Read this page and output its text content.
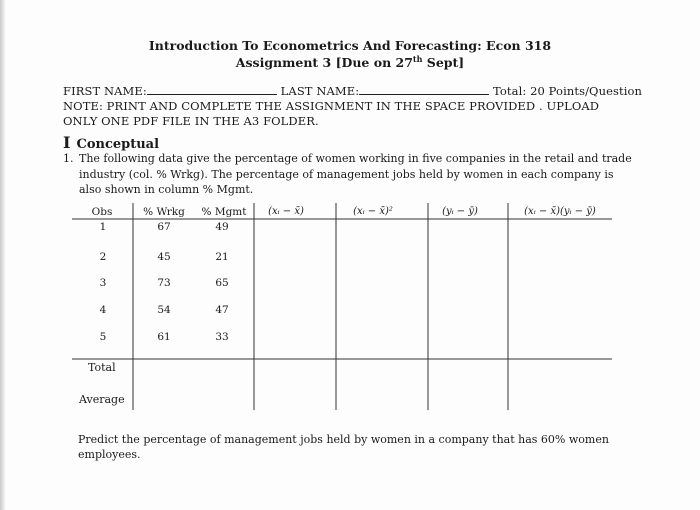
Introduction To Econometrics And Forecasting: Econ 318
Assignment 3 [Due on 27th Sept]
FIRST NAME:	LAST NAME:	Total: 20 Points/Question
NOTE: PRINT AND COMPLETE THE ASSIGNMENT IN THE SPACE PROVIDED . UPLOAD
ONLY ONE PDF FILE IN THE A3 FOLDER.
I Conceptual
1. The following data give the percentage of women working in five companies in the retail and trade
industry (col. % Wrkg). The percentage of management jobs held by women in each company is
also shown in column % Mgmt.
Obs	% Wrkg	% Mgmt	(xᵢ − x̄)	(xᵢ − x̄)²	(yᵢ − ȳ)	(xᵢ − x̄)(yᵢ − ȳ)
1	67	49
2	45	21
3	73	65
4	54	47
5	61	33
Total
Average
Predict the percentage of management jobs held by women in a company that has 60% women
employees.
